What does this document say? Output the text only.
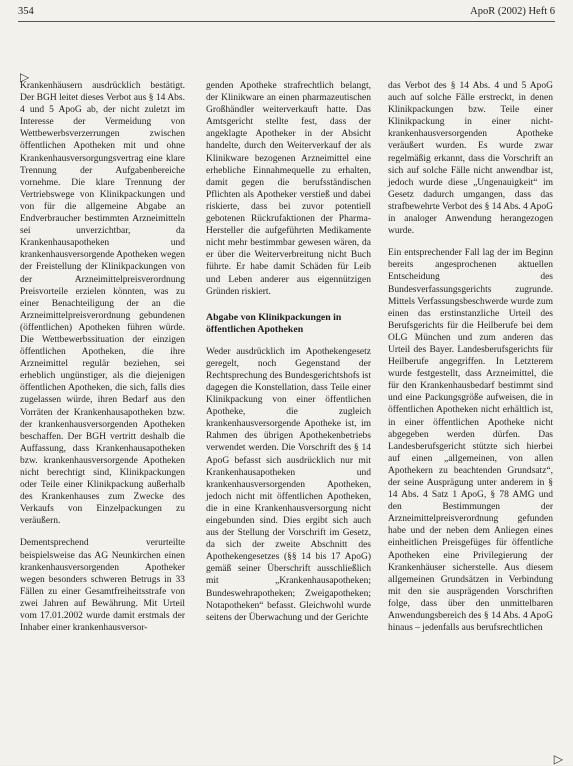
354	ApoR (2002) Heft 6
▷

Krankenhäusern ausdrücklich bestätigt. Der BGH leitet dieses Verbot aus § 14 Abs. 4 und 5 ApoG ab, der nicht zuletzt im Interesse der Vermeidung von Wettbewerbsverzerrungen zwischen öffentlichen Apotheken mit und ohne Krankenhausversorgungsvertrag eine klare Trennung der Aufgabenbereiche vornehme. Die klare Trennung der Vertriebswege von Klinikpackungen und von für die allgemeine Abgabe an Endverbraucher bestimmten Arzneimitteln sei unverzichtbar, da Krankenhausapotheken und krankenhausversorgende Apotheken wegen der Freistellung der Klinikpackungen von der Arzneimittelpreisverordnung Preisvorteile erzielen könnten, was zu einer Benachteiligung der an die Arzneimittelpreisverordnung gebundenen (öffentlichen) Apotheken führen würde. Die Wettbewerbssituation der einzigen öffentlichen Apotheken, die ihre Arzneimittel regulär beziehen, sei erheblich ungünstiger, als die diejenigen öffentlichen Apotheken, die sich, falls dies zugelassen würde, ihren Bedarf aus den Vorräten der Krankenhausapotheken bzw. der krankenhausversorgenden Apotheken beschaffen. Der BGH vertritt deshalb die Auffassung, dass Krankenhausapotheken bzw. krankenhausversorgende Apotheken nicht berechtigt sind, Klinikpackungen oder Teile einer Klinikpackung außerhalb des Krankenhauses zum Zwecke des Verkaufs von Einzelpackungen zu veräußern.

Dementsprechend verurteilte beispielsweise das AG Neunkirchen einen krankenhausversorgenden Apotheker wegen besonders schweren Betrugs in 33 Fällen zu einer Gesamtfreiheitsstrafe von zwei Jahren auf Bewährung. Mit Urteil vom 17.01.2002 wurde damit erstmals der Inhaber einer krankenhausversor-

genden Apotheke strafrechtlich belangt, der Klinikware an einen pharmazeutischen Großhändler weiterverkauft hatte. Das Amtsgericht stellte fest, dass der angeklagte Apotheker in der Absicht handelte, durch den Weiterverkauf der als Klinikware bezogenen Arzneimittel eine erhebliche Einnahmequelle zu erhalten, damit gegen die berufsständischen Pflichten als Apotheker verstieß und dabei riskierte, dass bei zuvor potentiell gebotenen Rückrufaktionen der Pharma-Hersteller die aufgeführten Medikamente nicht mehr bestimmbar gewesen wären, da er über die Weiterverbreitung nicht Buch führte. Er habe damit Schäden für Leib und Leben anderer aus eigennützigen Gründen riskiert.

Abgabe von Klinikpackungen in öffentlichen Apotheken

Weder ausdrücklich im Apothekengesetz geregelt, noch Gegenstand der Rechtsprechung des Bundesgerichtshofs ist dagegen die Konstellation, dass Teile einer Klinikpackung von einer öffentlichen Apotheke, die zugleich krankenhausversorgende Apotheke ist, im Rahmen des übrigen Apothekenbetriebs verwendet werden. Die Vorschrift des § 14 ApoG befasst sich ausdrücklich nur mit Krankenhausapotheken und krankenhausversorgenden Apotheken, jedoch nicht mit öffentlichen Apotheken, die in eine Krankenhausversorgung nicht eingebunden sind. Dies ergibt sich auch aus der Stellung der Vorschrift im Gesetz, da sich der zweite Abschnitt des Apothekengesetzes (§§ 14 bis 17 ApoG) gemäß seiner Überschrift ausschließlich mit „Krankenhausapotheken; Bundeswehrapotheken; Zweigapotheken; Notapotheken“ befasst. Gleichwohl wurde seitens der Überwachung und der Gerichte

das Verbot des § 14 Abs. 4 und 5 ApoG auch auf solche Fälle erstreckt, in denen Klinikpackungen bzw. Teile einer Klinikpackung in einer nicht-krankenhausversorgenden Apotheke veräußert wurden. Es wurde zwar regelmäßig erkannt, dass die Vorschrift an sich auf solche Fälle nicht anwendbar ist, jedoch wurde diese „Ungenauigkeit“ im Gesetz dadurch umgangen, dass das strafbewehrte Verbot des § 14 Abs. 4 ApoG in analoger Anwendung herangezogen wurde.

Ein entsprechender Fall lag der im Beginn bereits angesprochenen aktuellen Entscheidung des Bundesverfassungsgerichts zugrunde. Mittels Verfassungsbeschwerde wurde zum einen das erstinstanzliche Urteil des Berufsgerichts für die Heilberufe bei dem OLG München und zum anderen das Urteil des Bayer. Landesberufsgerichts für Heilberufe angegriffen. In Letzterem wurde festgestellt, dass Arzneimittel, die für den Krankenhausbedarf bestimmt sind und eine Packungsgröße aufweisen, die in öffentlichen Apotheken nicht erhältlich ist, in einer öffentlichen Apotheke nicht abgegeben werden dürfen. Das Landesberufsgericht stützte sich hierbei auf einen „allgemeinen, von allen Apothekern zu beachtenden Grundsatz“, der seine Ausprägung unter anderem in § 14 Abs. 4 Satz 1 ApoG, § 78 AMG und den Bestimmungen der Arzneimittelpreisverordnung gefunden habe und der neben dem Anliegen eines einheitlichen Preisgefüges für öffentliche Apotheken eine Privilegierung der Krankenhäuser sicherstelle. Aus diesem allgemeinen Grundsätzen in Verbindung mit den sie ausprägenden Vorschriften folge, dass über den unmittelbaren Anwendungsbereich des § 14 Abs. 4 ApoG hinaus – jedenfalls aus berufsrechtlichen

▷
